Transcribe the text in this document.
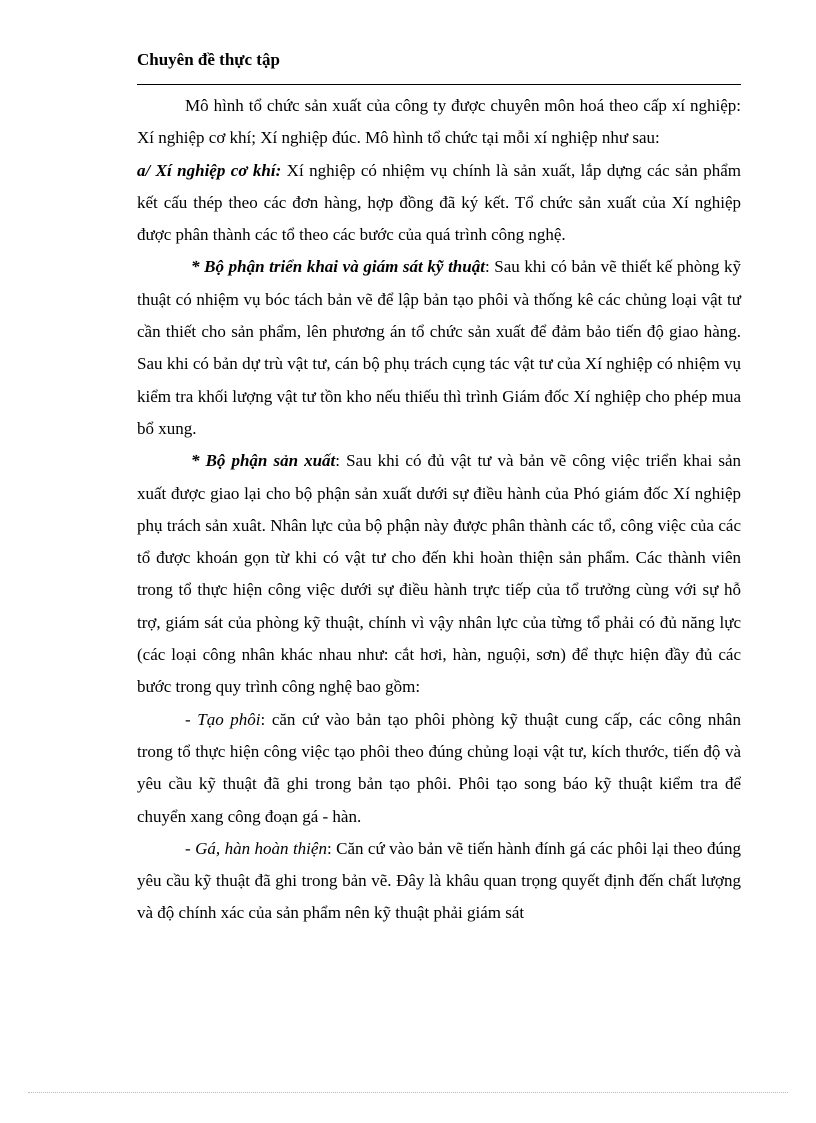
Chuyên đề thực tập

Mô hình tổ chức sản xuất của công ty được chuyên môn hoá theo cấp xí nghiệp: Xí nghiệp cơ khí; Xí nghiệp đúc. Mô hình tổ chức tại mỗi xí nghiệp như sau:

a/ Xí nghiệp cơ khí: Xí nghiệp có nhiệm vụ chính là sản xuất, lắp dựng các sản phẩm kết cấu thép theo các đơn hàng, hợp đồng đã ký kết. Tổ chức sản xuất của Xí nghiệp được phân thành các tổ theo các bước của quá trình công nghệ.

* Bộ phận triển khai và giám sát kỹ thuật: Sau khi có bản vẽ thiết kế phòng kỹ thuật có nhiệm vụ bóc tách bản vẽ để lập bản tạo phôi và thống kê các chủng loại vật tư cần thiết cho sản phẩm, lên phương án tổ chức sản xuất để đảm bảo tiến độ giao hàng. Sau khi có bản dự trù vật tư, cán bộ phụ trách cụng tác vật tư của Xí nghiệp có nhiệm vụ kiểm tra khối lượng vật tư tồn kho nếu thiếu thì trình Giám đốc Xí nghiệp cho phép mua bổ xung.

* Bộ phận sản xuất: Sau khi có đủ vật tư và bản vẽ công việc triển khai sản xuất được giao lại cho bộ phận sản xuất dưới sự điều hành của Phó giám đốc Xí nghiệp phụ trách sản xuât. Nhân lực của bộ phận này được phân thành các tổ, công việc của các tổ được khoán gọn từ khi có vật tư cho đến khi hoàn thiện sản phẩm. Các thành viên trong tổ thực hiện công việc dưới sự điều hành trực tiếp của tổ trưởng cùng với sự hỗ trợ, giám sát của phòng kỹ thuật, chính vì vậy nhân lực của từng tổ phải có đủ năng lực (các loại công nhân khác nhau như: cắt hơi, hàn, nguội, sơn) để thực hiện đầy đủ các bước trong quy trình công nghệ bao gồm:

- Tạo phôi: căn cứ vào bản tạo phôi phòng kỹ thuật cung cấp, các công nhân trong tổ thực hiện công việc tạo phôi theo đúng chủng loại vật tư, kích thước, tiến độ và yêu cầu kỹ thuật đã ghi trong bản tạo phôi. Phôi tạo song báo kỹ thuật kiểm tra để chuyển xang công đoạn gá - hàn.

- Gá, hàn hoàn thiện: Căn cứ vào bản vẽ tiến hành đính gá các phôi lại theo đúng yêu cầu kỹ thuật đã ghi trong bản vẽ. Đây là khâu quan trọng quyết định đến chất lượng và độ chính xác của sản phẩm nên kỹ thuật phải giám sát
